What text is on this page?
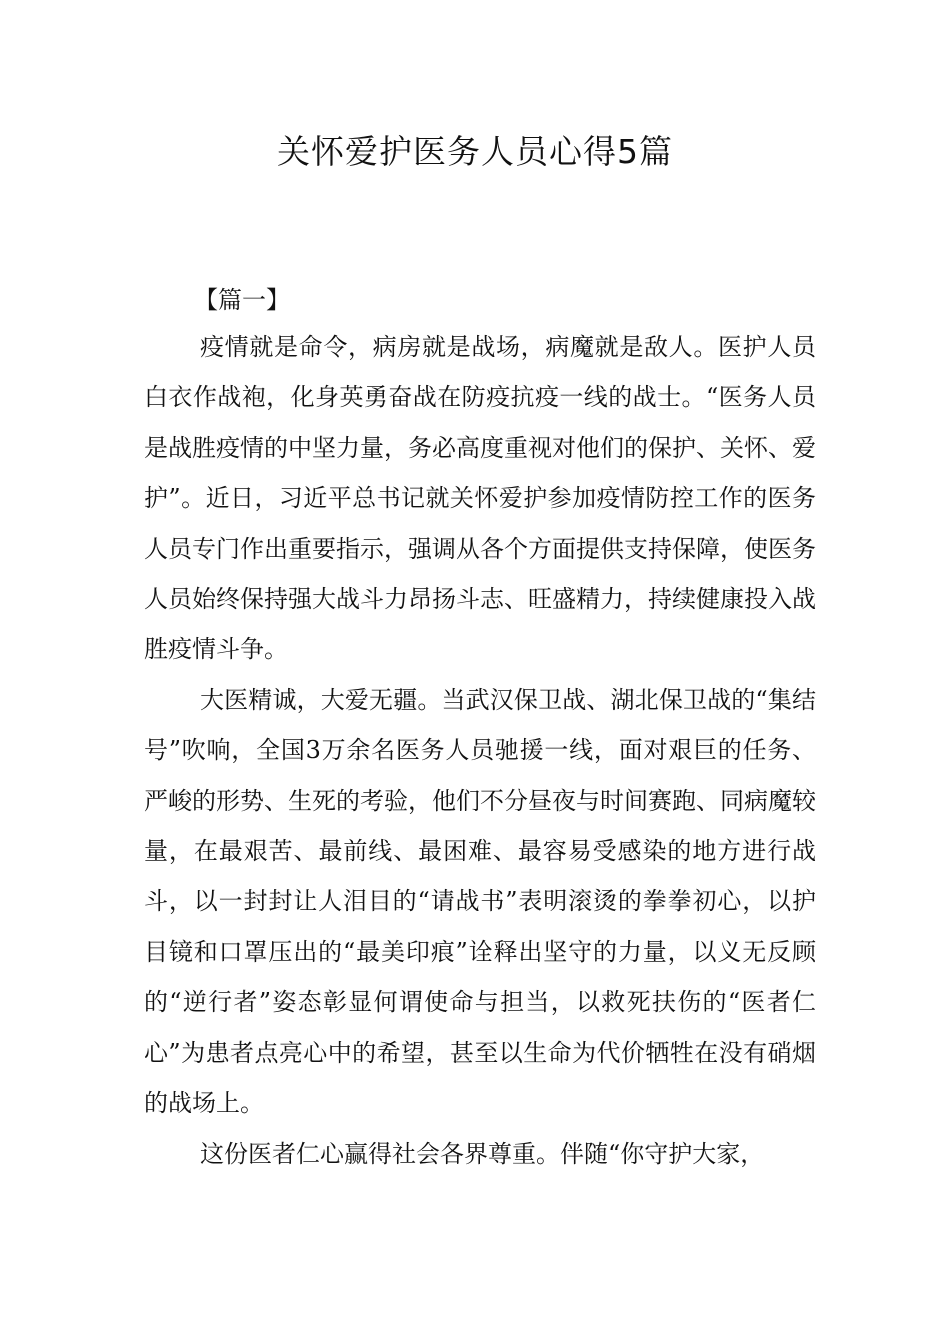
关怀爱护医务人员心得5篇

【篇一】

疫情就是命令，病房就是战场，病魔就是敌人。医护人员白衣作战袍，化身英勇奋战在防疫抗疫一线的战士。“医务人员是战胜疫情的中坚力量，务必高度重视对他们的保护、关怀、爱护”。近日，习近平总书记就关怀爱护参加疫情防控工作的医务人员专门作出重要指示，强调从各个方面提供支持保障，使医务人员始终保持强大战斗力昂扬斗志、旺盛精力，持续健康投入战胜疫情斗争。

大医精诚，大爱无疆。当武汉保卫战、湖北保卫战的“集结号”吹响，全国3万余名医务人员驰援一线，面对艰巨的任务、严峻的形势、生死的考验，他们不分昼夜与时间赛跑、同病魔较量，在最艰苦、最前线、最困难、最容易受感染的地方进行战斗，以一封封让人泪目的“请战书”表明滚烫的拳拳初心，以护目镜和口罩压出的“最美印痕”诠释出坚守的力量，以义无反顾的“逆行者”姿态彰显何谓使命与担当，以救死扶伤的“医者仁心”为患者点亮心中的希望，甚至以生命为代价牺牲在没有硝烟的战场上。

这份医者仁心赢得社会各界尊重。伴随“你守护大家，
